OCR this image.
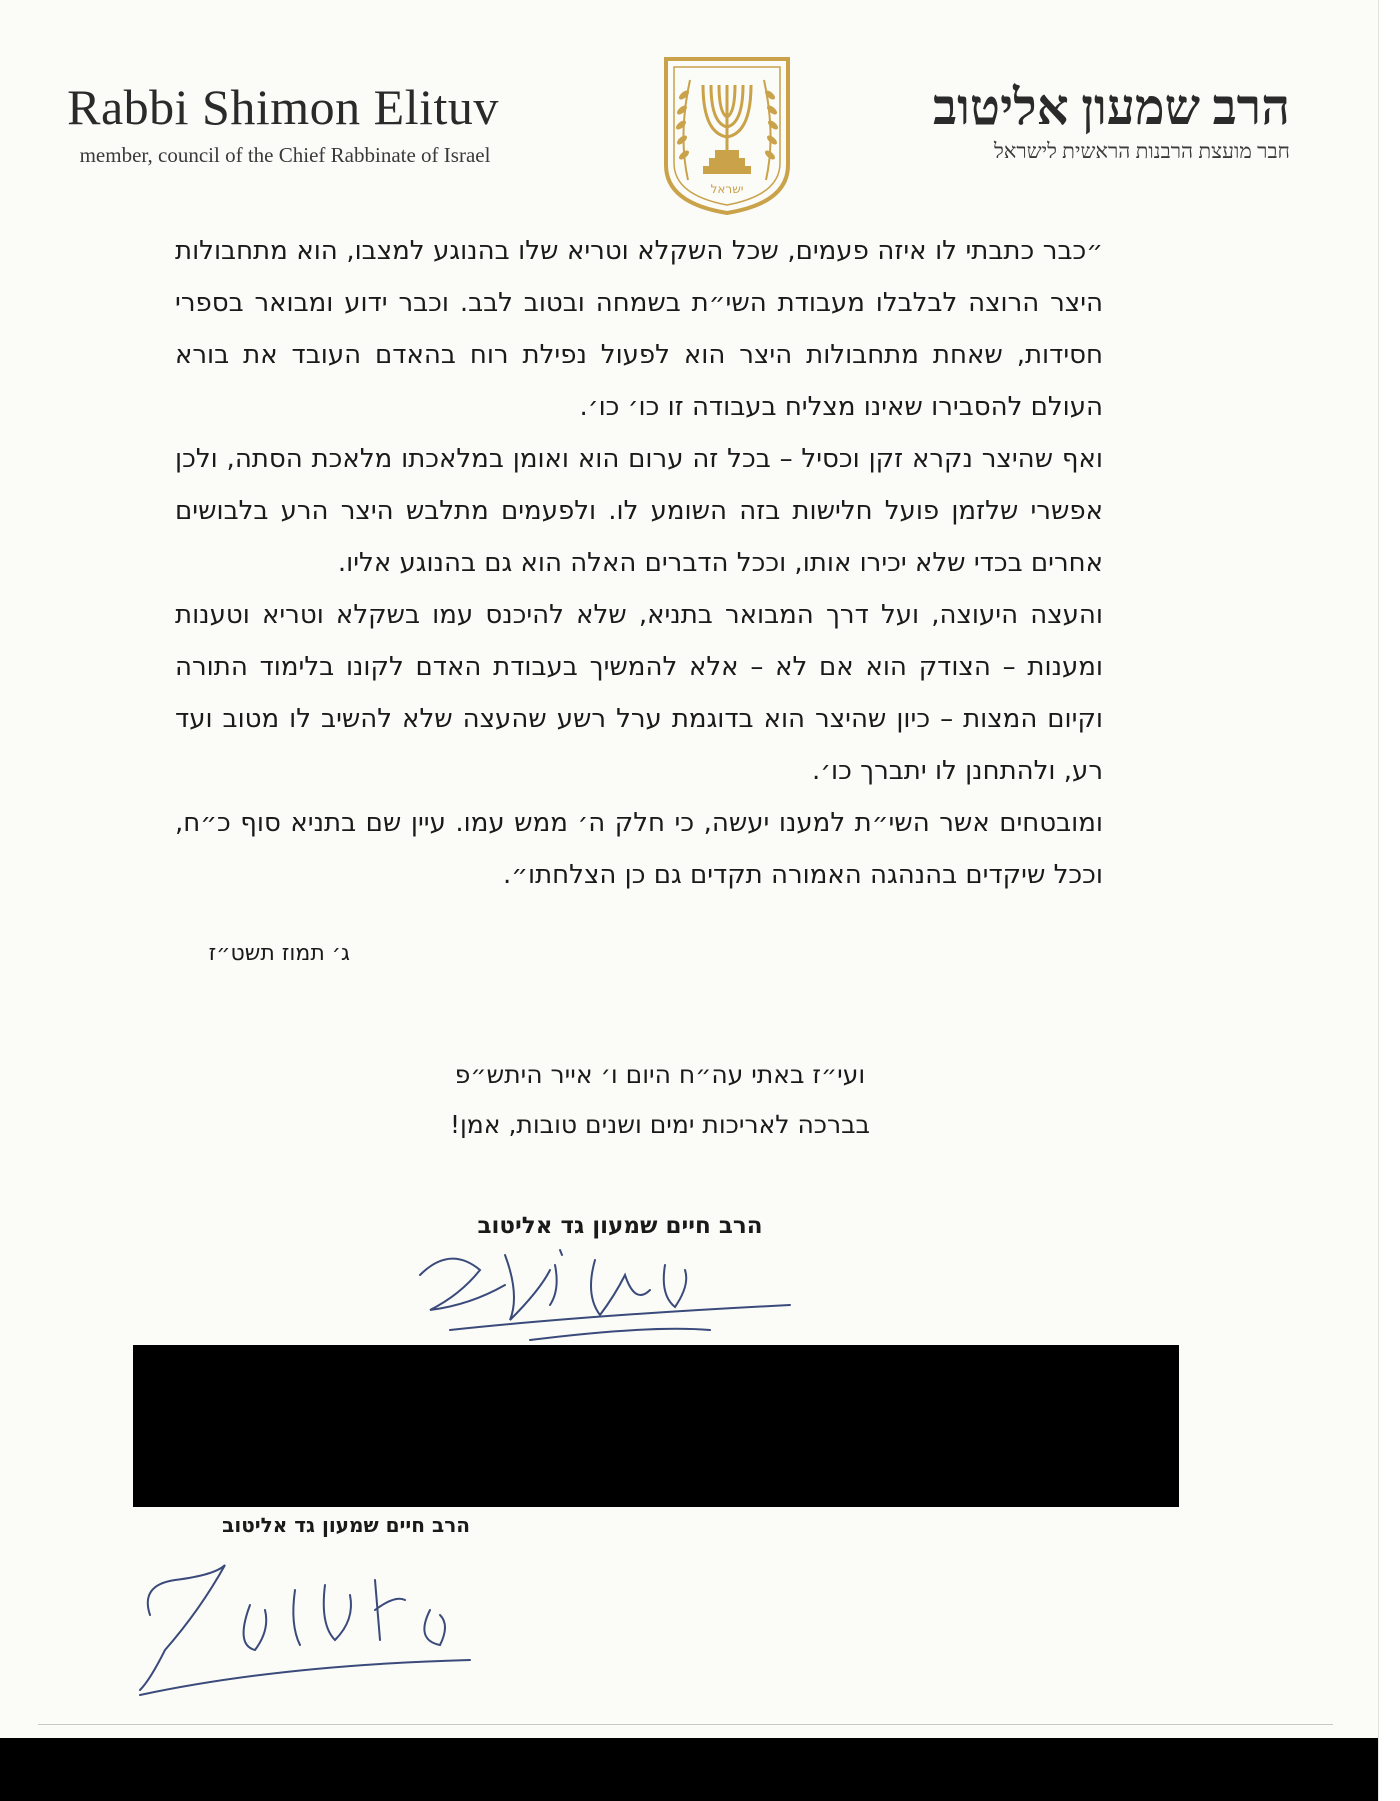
Rabbi Shimon Elituv
member, council of the Chief Rabbinate of Israel
ישראל
הרב שמעון אליטוב
חבר מועצת הרבנות הראשית לישראל

״כבר כתבתי לו איזה פעמים, שכל השקלא וטריא שלו בהנוגע למצבו, הוא מתחבולות היצר הרוצה לבלבלו מעבודת השי״ת בשמחה ובטוב לבב. וכבר ידוע ומבואר בספרי חסידות, שאחת מתחבולות היצר הוא לפעול נפילת רוח בהאדם העובד את בורא העולם להסבירו שאינו מצליח בעבודה זו כו׳ כו׳.

ואף שהיצר נקרא זקן וכסיל – בכל זה ערום הוא ואומן במלאכתו מלאכת הסתה, ולכן אפשרי שלזמן פועל חלישות בזה השומע לו. ולפעמים מתלבש היצר הרע בלבושים אחרים בכדי שלא יכירו אותו, וככל הדברים האלה הוא גם בהנוגע אליו.

והעצה היעוצה, ועל דרך המבואר בתניא, שלא להיכנס עמו בשקלא וטריא וטענות ומענות – הצודק הוא אם לא – אלא להמשיך בעבודת האדם לקונו בלימוד התורה וקיום המצות – כיון שהיצר הוא בדוגמת ערל רשע שהעצה שלא להשיב לו מטוב ועד רע, ולהתחנן לו יתברך כו׳.

ומובטחים אשר השי״ת למענו יעשה, כי חלק ה׳ ממש עמו. עיין שם בתניא סוף כ״ח, וככל שיקדים בהנהגה האמורה תקדים גם כן הצלחתו״.

ג׳ תמוז תשט״ז
ועי״ז באתי עה״ח היום ו׳ אייר היתש״פ
בברכה לאריכות ימים ושנים טובות, אמן!
הרב חיים שמעון גד אליטוב
הרב חיים שמעון גד אליטוב
